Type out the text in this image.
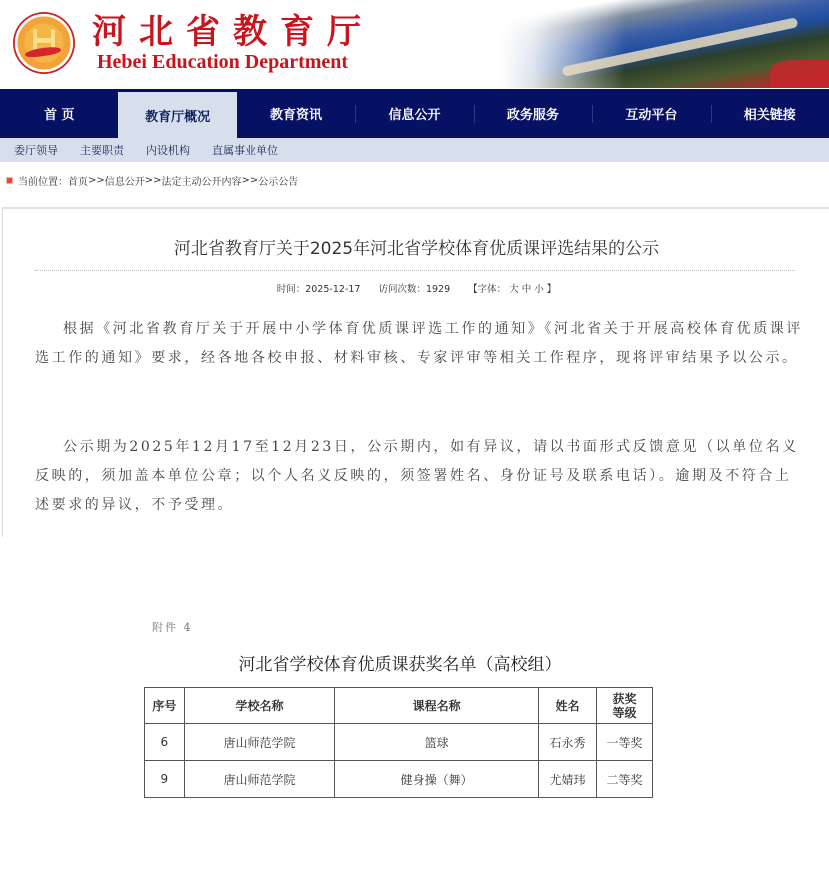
河北省教育厅
Hebei Education Department
首 页	教育厅概况	教育资讯	信息公开	政务服务	互动平台	相关链接
委厅领导 主要职责 内设机构 直属事业单位
当前位置： 首页 >> 信息公开 >> 法定主动公开内容 >> 公示公告
河北省教育厅关于2025年河北省学校体育优质课评选结果的公示
时间：2025-12-17 访问次数：1929 【字体： 大 中 小 】

根据《河北省教育厅关于开展中小学体育优质课评选工作的通知》《河北省关于开展高校体育优质课评选工作的通知》要求，经各地各校申报、材料审核、专家评审等相关工作程序，现将评审结果予以公示。

公示期为2025年12月17至12月23日，公示期内，如有异议，请以书面形式反馈意见（以单位名义反映的，须加盖本单位公章；以个人名义反映的，须签署姓名、身份证号及联系电话）。逾期及不符合上述要求的异议，不予受理。

附件 4
河北省学校体育优质课获奖名单（高校组）
序号	学校名称	课程名称	姓名	获奖
等级
6	唐山师范学院	篮球	石永秀	一等奖
9	唐山师范学院	健身操（舞）	尤婧玮	二等奖
